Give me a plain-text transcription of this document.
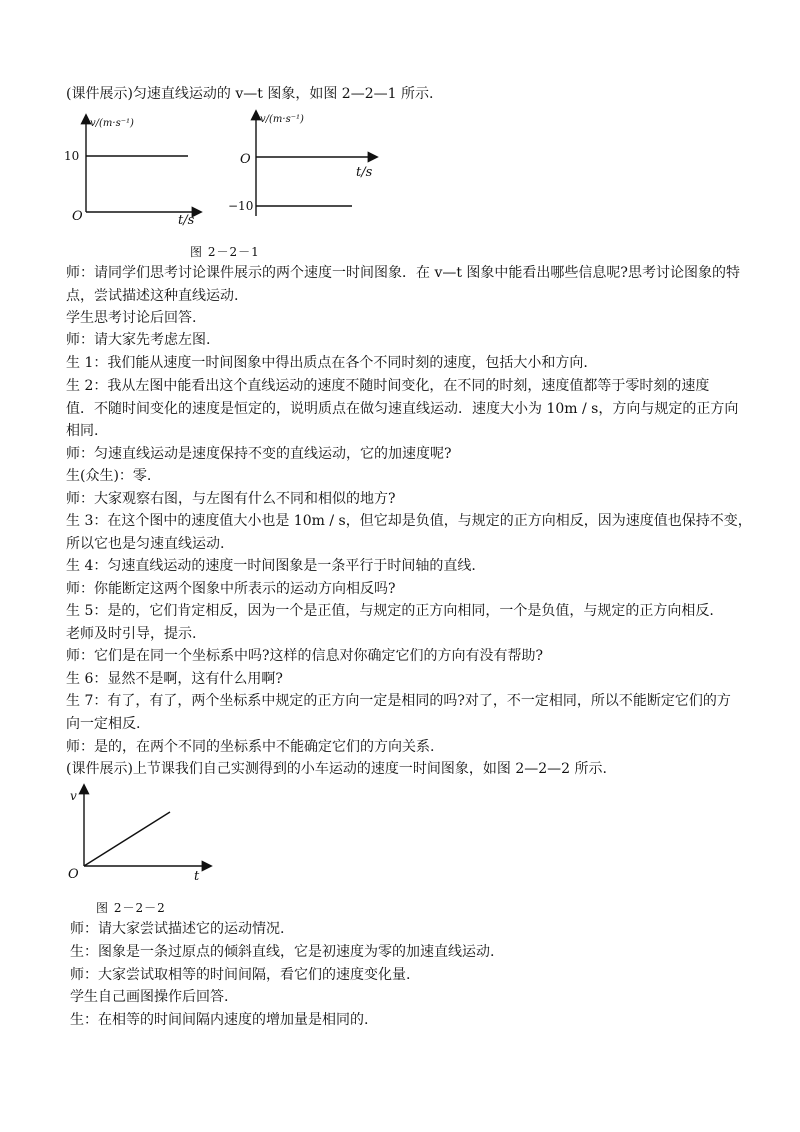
(课件展示)匀速直线运动的 v—t 图象，如图 2—2—1 所示.
v/(m·s⁻¹)
10
O	t/s
v/(m·s⁻¹)
O
t/s
−10
图 2－2－1
师：请同学们思考讨论课件展示的两个速度一时间图象．在 v—t 图象中能看出哪些信息呢?思考讨论图象的特
点，尝试描述这种直线运动.
学生思考讨论后回答.
师：请大家先考虑左图.
生 1：我们能从速度一时间图象中得出质点在各个不同时刻的速度，包括大小和方向.
生 2：我从左图中能看出这个直线运动的速度不随时间变化，在不同的时刻，速度值都等于零时刻的速度
值．不随时间变化的速度是恒定的，说明质点在做匀速直线运动．速度大小为 10m / s，方向与规定的正方向
相同.
师：匀速直线运动是速度保持不变的直线运动，它的加速度呢?
生(众生)：零.
师：大家观察右图，与左图有什么不同和相似的地方?
生 3：在这个图中的速度值大小也是 10m / s，但它却是负值，与规定的正方向相反，因为速度值也保持不变，
所以它也是匀速直线运动.
生 4：匀速直线运动的速度一时间图象是一条平行于时间轴的直线.
师：你能断定这两个图象中所表示的运动方向相反吗?
生 5：是的，它们肯定相反，因为一个是正值，与规定的正方向相同，一个是负值，与规定的正方向相反.
老师及时引导，提示.
师：它们是在同一个坐标系中吗?这样的信息对你确定它们的方向有没有帮助?
生 6：显然不是啊，这有什么用啊?
生 7：有了，有了，两个坐标系中规定的正方向一定是相同的吗?对了，不一定相同，所以不能断定它们的方
向一定相反.
师：是的，在两个不同的坐标系中不能确定它们的方向关系.
(课件展示)上节课我们自己实测得到的小车运动的速度一时间图象，如图 2—2—2 所示.
v
O	t
图 2－2－2
师：请大家尝试描述它的运动情况.
生：图象是一条过原点的倾斜直线，它是初速度为零的加速直线运动.
师：大家尝试取相等的时间间隔，看它们的速度变化量.
学生自己画图操作后回答.
生：在相等的时间间隔内速度的增加量是相同的.
